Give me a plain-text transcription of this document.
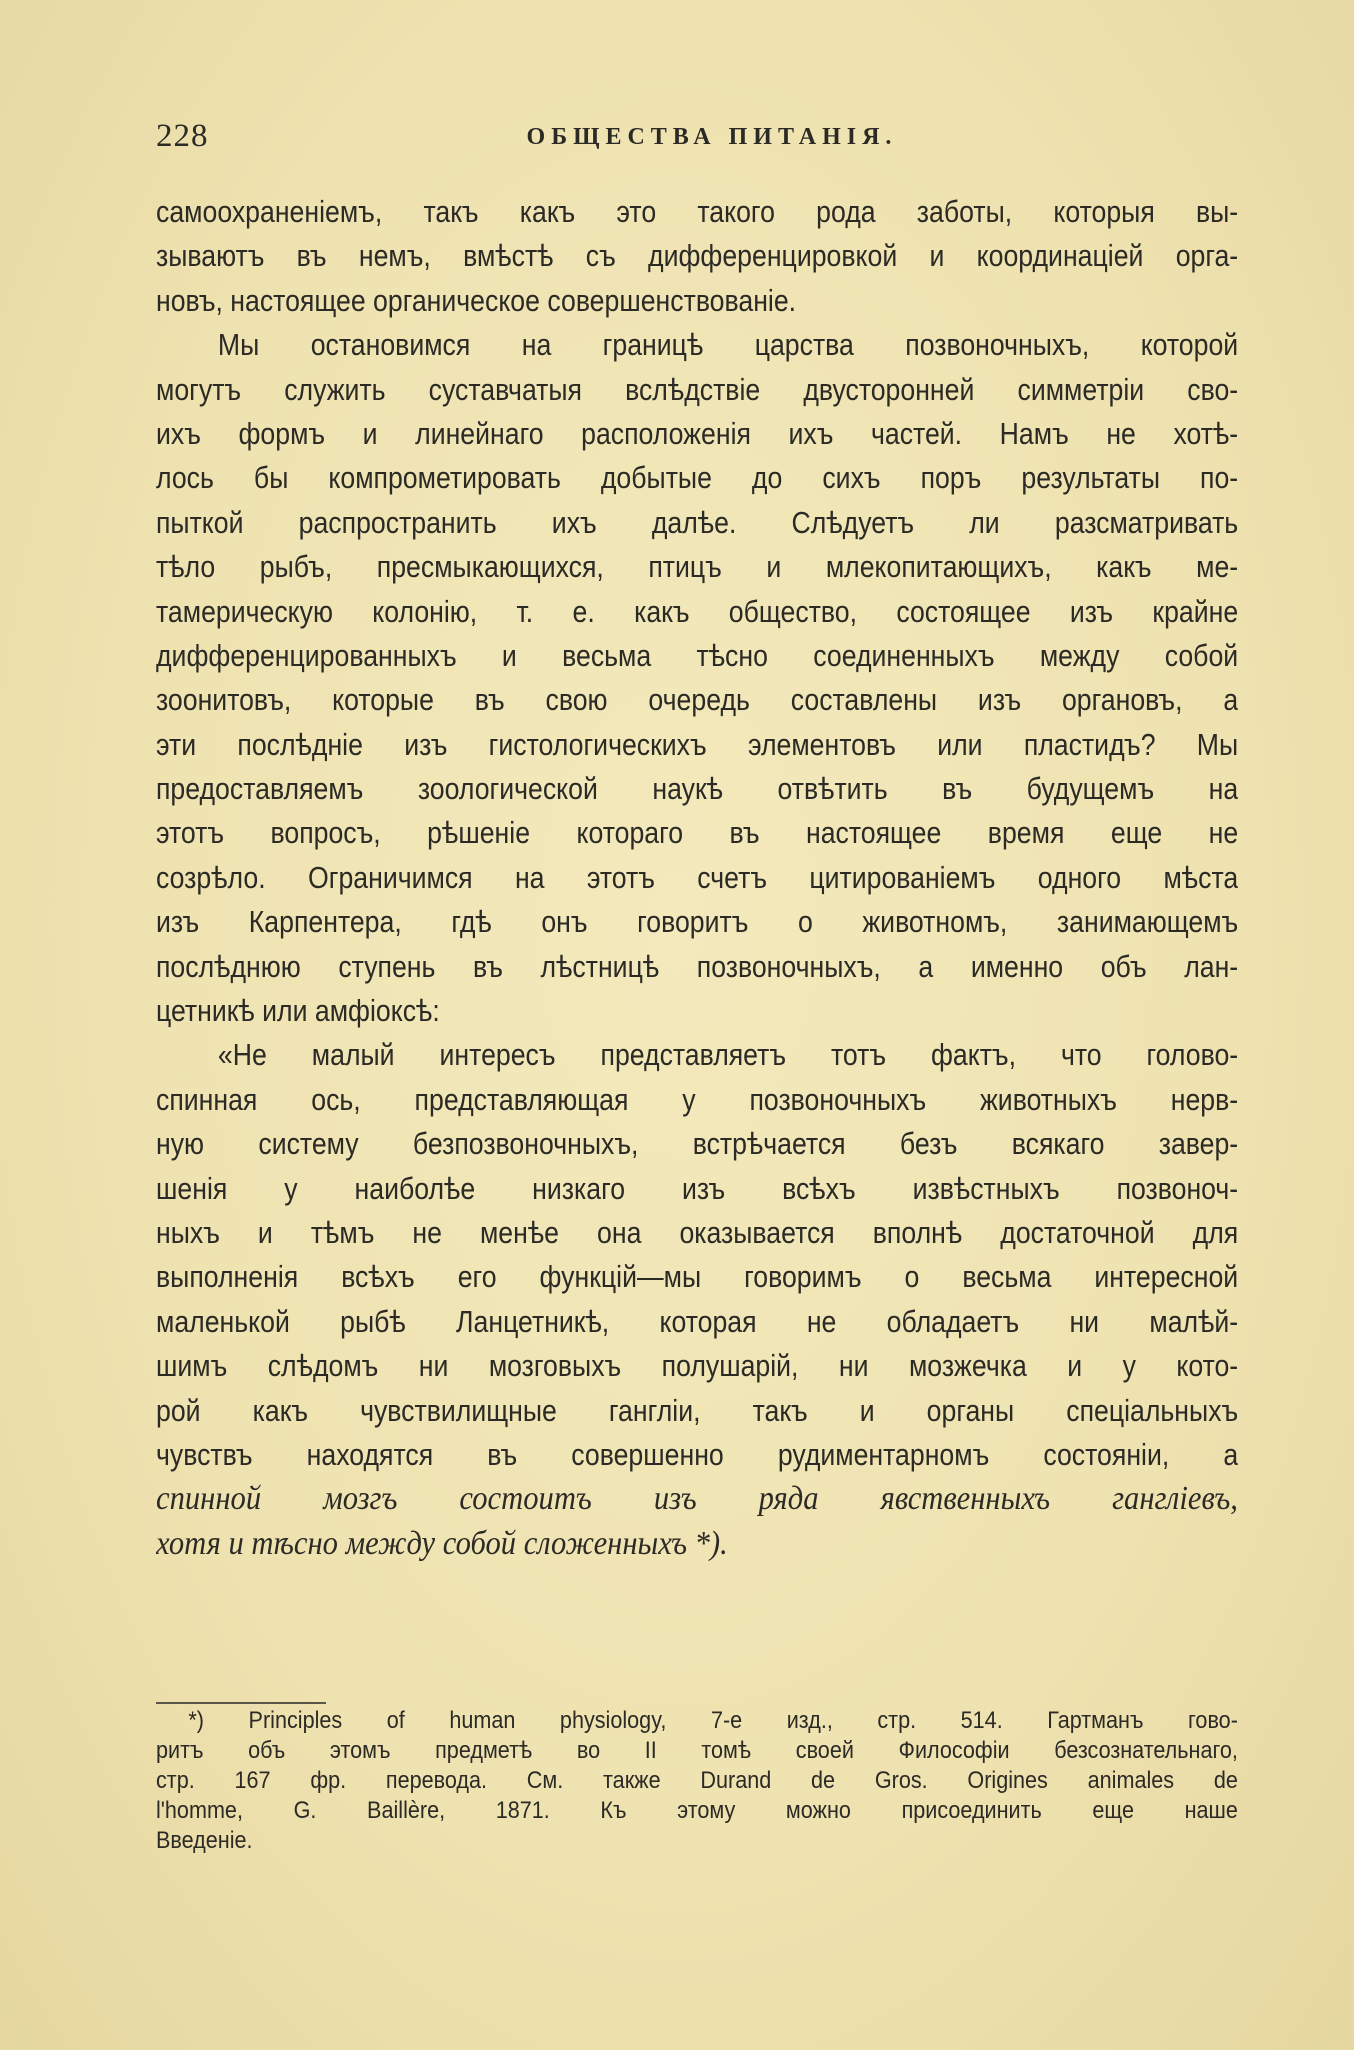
228	ОБЩЕСТВА ПИТАНІЯ.
самоохраненіемъ, такъ какъ это такого рода заботы, которыя вы-
зываютъ въ немъ, вмѣстѣ съ дифференцировкой и координаціей орга-
новъ, настоящее органическое совершенствованіе.
Мы остановимся на границѣ царства позвоночныхъ, которой
могутъ служить суставчатыя вслѣдствіе двусторонней симметріи сво-
ихъ формъ и линейнаго расположенія ихъ частей. Намъ не хотѣ-
лось бы компрометировать добытые до сихъ поръ результаты по-
пыткой распространить ихъ далѣе. Слѣдуетъ ли разсматривать
тѣло рыбъ, пресмыкающихся, птицъ и млекопитающихъ, какъ ме-
тамерическую колонію, т. е. какъ общество, состоящее изъ крайне
дифференцированныхъ и весьма тѣсно соединенныхъ между собой
зоонитовъ, которые въ свою очередь составлены изъ органовъ, а
эти послѣдніе изъ гистологическихъ элементовъ или пластидъ? Мы
предоставляемъ зоологической наукѣ отвѣтить въ будущемъ на
этотъ вопросъ, рѣшеніе котораго въ настоящее время еще не
созрѣло. Ограничимся на этотъ счетъ цитированіемъ одного мѣста
изъ Карпентера, гдѣ онъ говоритъ о животномъ, занимающемъ
послѣднюю ступень въ лѣстницѣ позвоночныхъ, а именно объ лан-
цетникѣ или амфіоксѣ:
«Не малый интересъ представляетъ тотъ фактъ, что голово-
спинная ось, представляющая у позвоночныхъ животныхъ нерв-
ную систему безпозвоночныхъ, встрѣчается безъ всякаго завер-
шенія у наиболѣе низкаго изъ всѣхъ извѣстныхъ позвоноч-
ныхъ и тѣмъ не менѣе она оказывается вполнѣ достаточной для
выполненія всѣхъ его функцій—мы говоримъ о весьма интересной
маленькой рыбѣ Ланцетникѣ, которая не обладаетъ ни малѣй-
шимъ слѣдомъ ни мозговыхъ полушарій, ни мозжечка и у кото-
рой какъ чувствилищные гангліи, такъ и органы спеціальныхъ
чувствъ находятся въ совершенно рудиментарномъ состояніи, а
спинной мозгъ состоитъ изъ ряда явственныхъ гангліевъ,
хотя и тѣсно между собой сложенныхъ *).
*) Principles of human physiology, 7-е изд., стр. 514. Гартманъ гово-
ритъ объ этомъ предметѣ во II томѣ своей Философіи безсознательнаго,
стр. 167 фр. перевода. См. также Durand de Gros. Origines animales de
l'homme, G. Baillère, 1871. Къ этому можно присоединить еще наше
Введеніе.
